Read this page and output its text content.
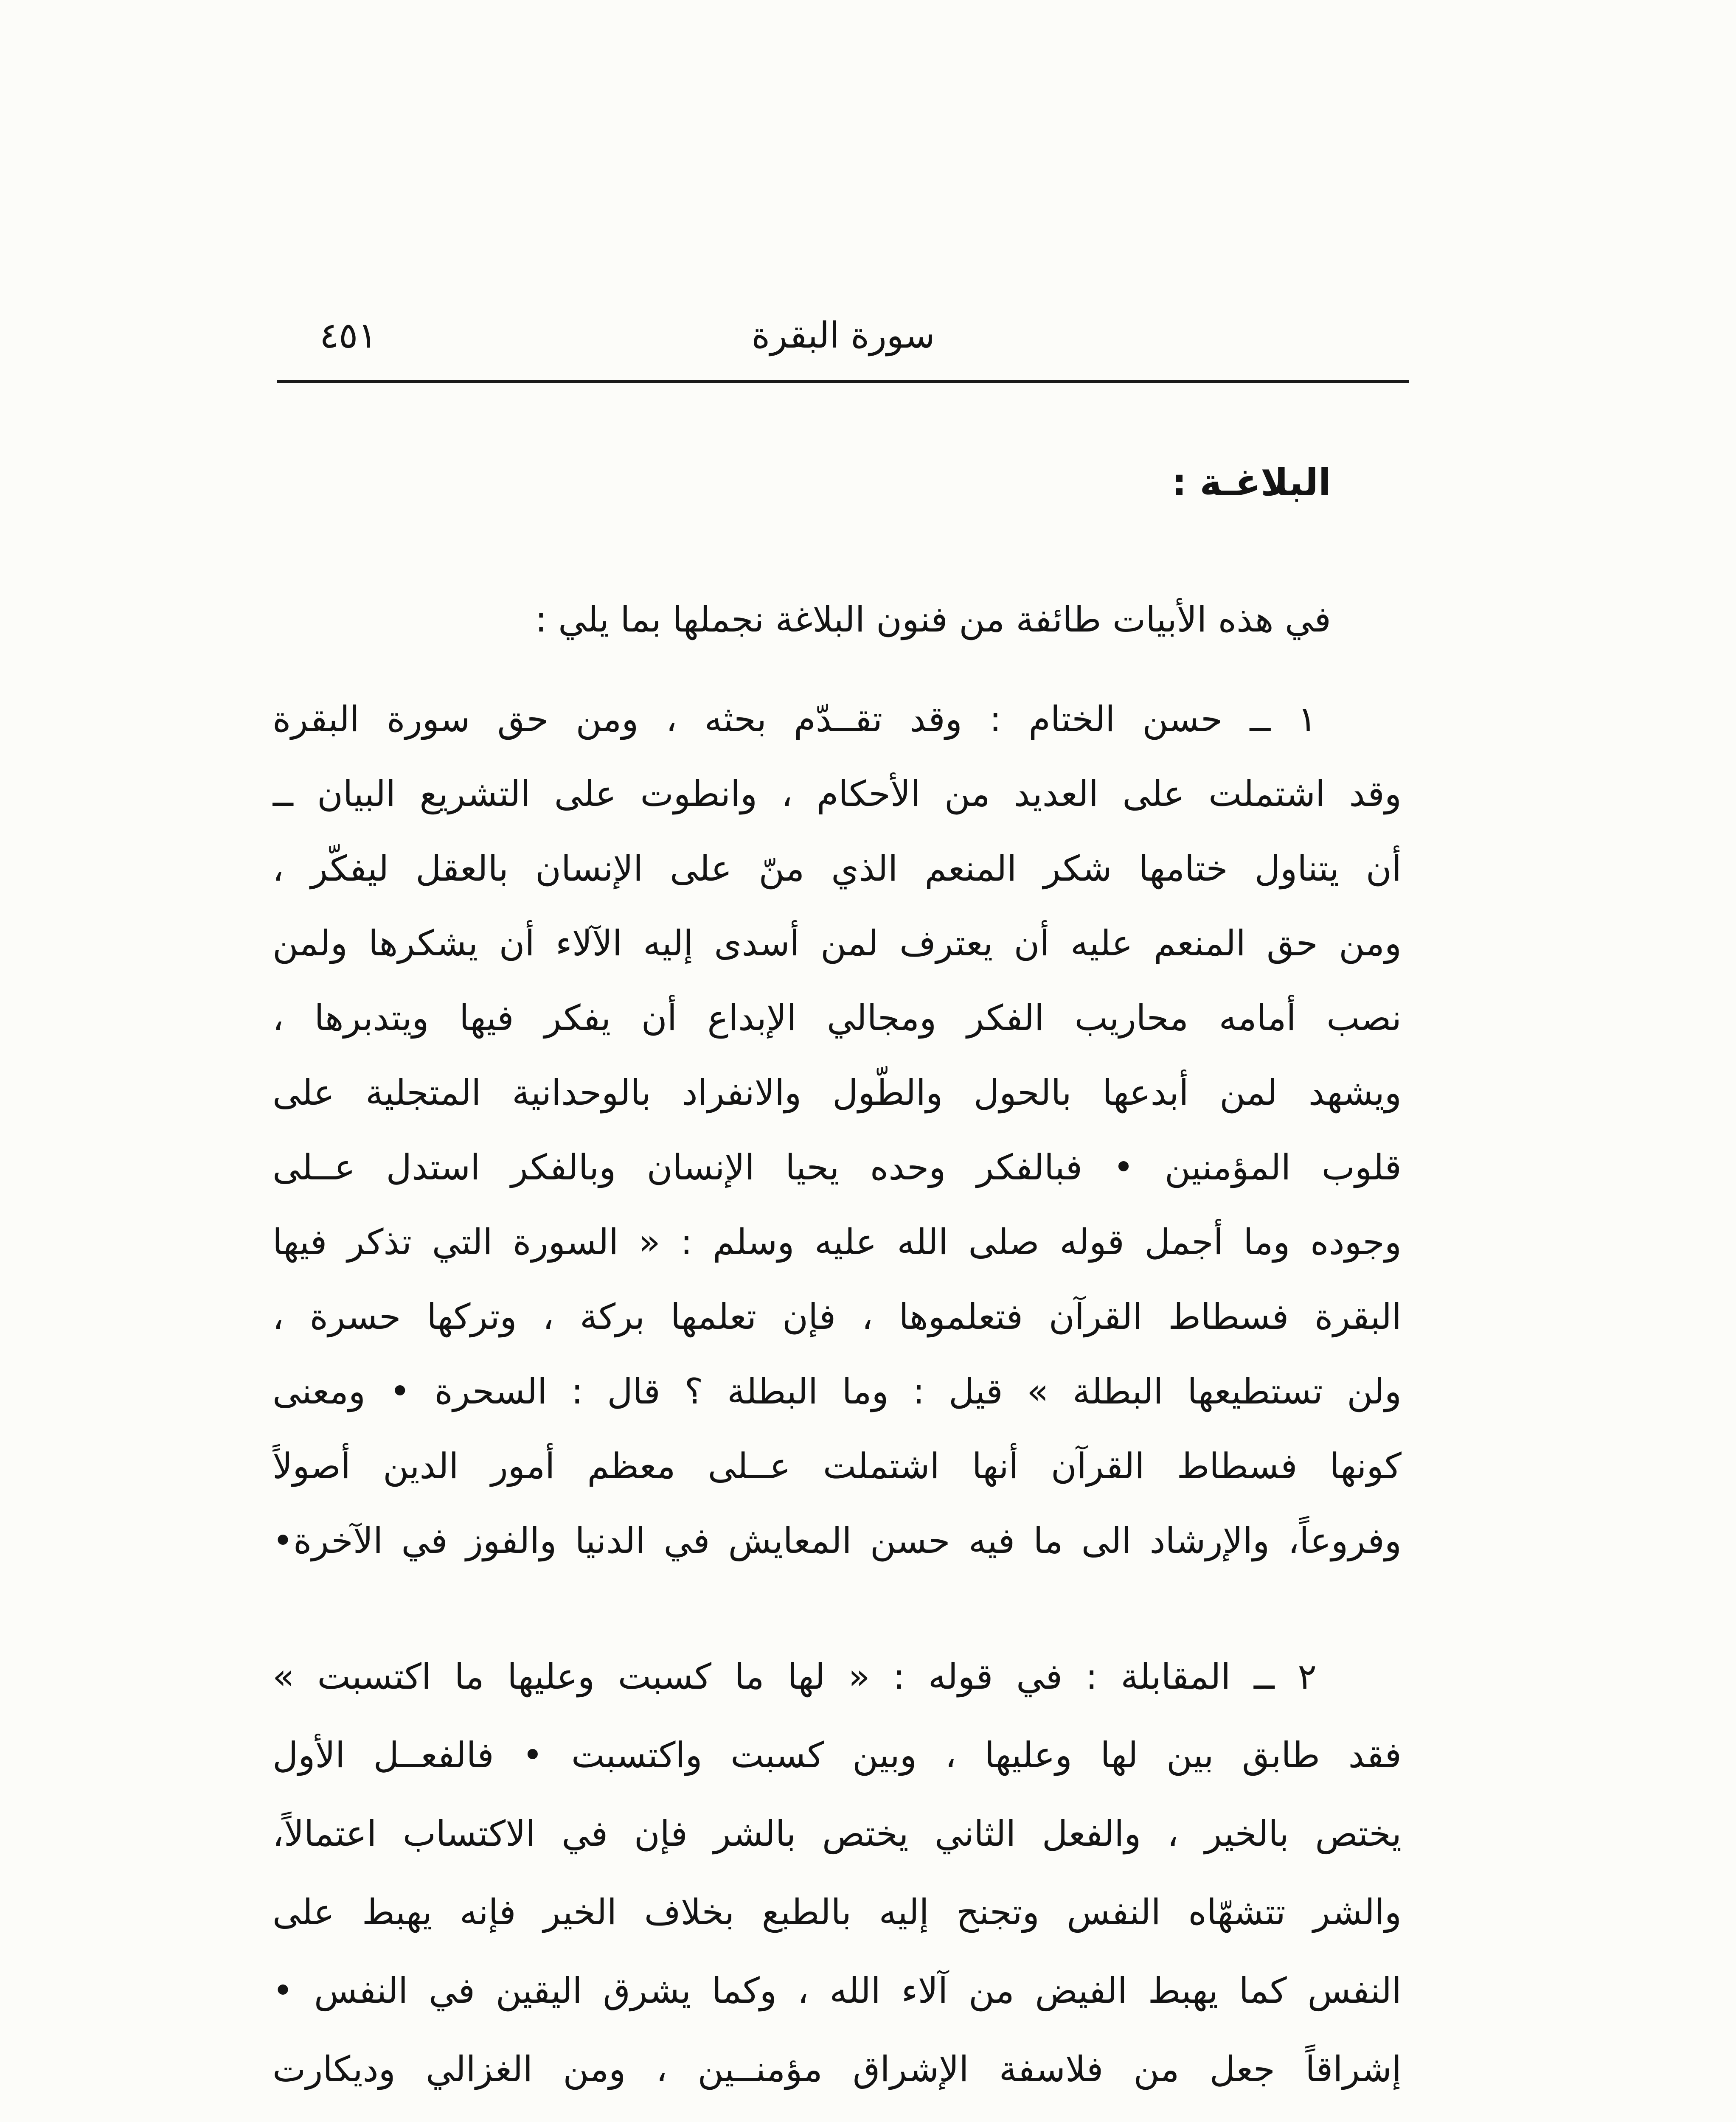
سورة البقرة
٤٥١
البلاغـة :
في هذه الأبيات طائفة من فنون البلاغة نجملها بما يلي :
١ ــ حسن الختام : وقد تقــدّم بحثه ، ومن حق سورة البقرة
وقد اشتملت على العديد من الأحكام ، وانطوت على التشريع البيان ــ
أن يتناول ختامها شكر المنعم الذي منّ على الإنسان بالعقل ليفكّر ،
ومن حق المنعم عليه أن يعترف لمن أسدى إليه الآلاء أن يشكرها ولمن
نصب أمامه محاريب الفكر ومجالي الإبداع أن يفكر فيها ويتدبرها ،
ويشهد لمن أبدعها بالحول والطّول والانفراد بالوحدانية المتجلية على
قلوب المؤمنين • فبالفكر وحده يحيا الإنسان وبالفكر استدل عــلى
وجوده وما أجمل قوله صلى الله عليه وسلم : « السورة التي تذكر فيها
البقرة فسطاط القرآن فتعلموها ، فإن تعلمها بركة ، وتركها حسرة ،
ولن تستطيعها البطلة » قيل : وما البطلة ؟ قال : السحرة • ومعنى
كونها فسطاط القرآن أنها اشتملت عــلى معظم أمور الدين أصولاً
وفروعاً، والإرشاد الى ما فيه حسن المعايش في الدنيا والفوز في الآخرة•
٢ ــ المقابلة : في قوله : « لها ما كسبت وعليها ما اكتسبت »
فقد طابق بين لها وعليها ، وبين كسبت واكتسبت • فالفعــل الأول
يختص بالخير ، والفعل الثاني يختص بالشر فإن في الاكتساب اعتمالاً،
والشر تتشهّاه النفس وتجنح إليه بالطبع بخلاف الخير فإنه يهبط على
النفس كما يهبط الفيض من آلاء الله ، وكما يشرق اليقين في النفس •
إشراقاً جعل من فلاسفة الإشراق مؤمنــين ، ومن الغزالي وديكارت
